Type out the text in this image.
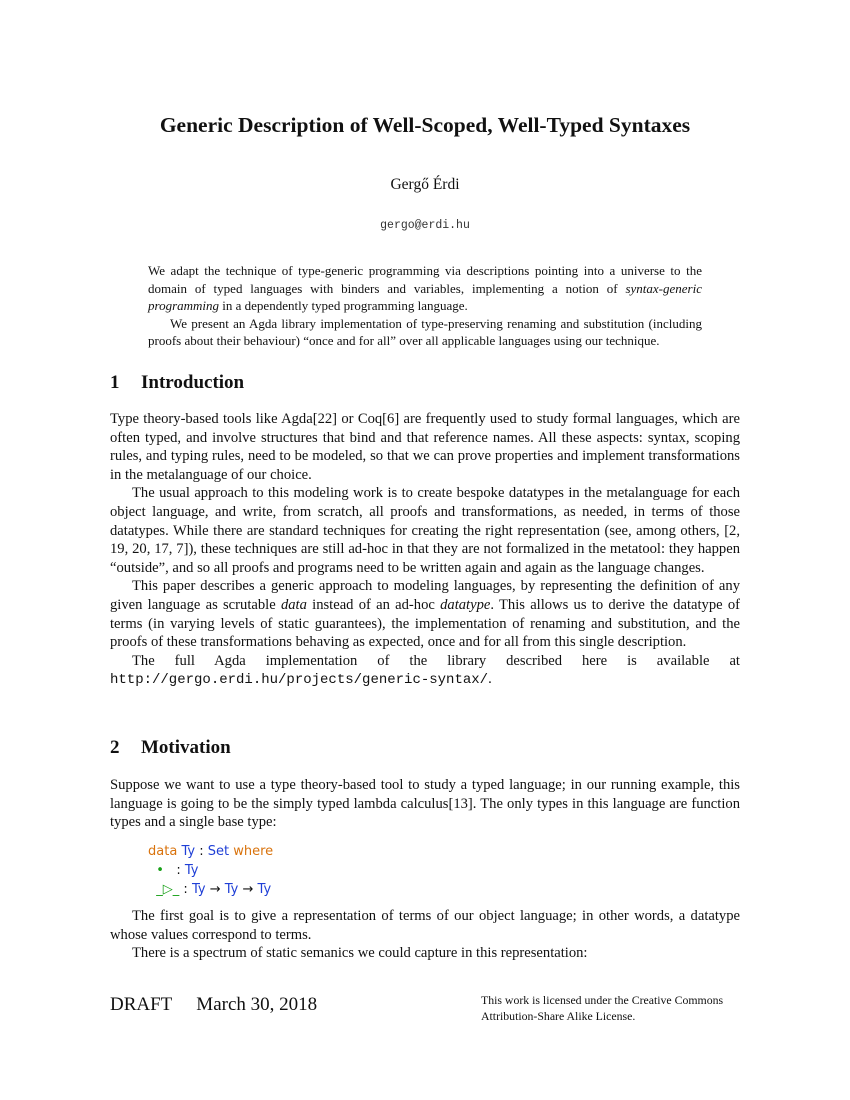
Generic Description of Well-Scoped, Well-Typed Syntaxes
Gergő Érdi
gergo@erdi.hu

We adapt the technique of type-generic programming via descriptions pointing into a universe to the domain of typed languages with binders and variables, implementing a notion of syntax-generic programming in a dependently typed programming language.

We present an Agda library implementation of type-preserving renaming and substitution (including proofs about their behaviour) “once and for all” over all applicable languages using our technique.

1 Introduction

Type theory-based tools like Agda[22] or Coq[6] are frequently used to study formal languages, which are often typed, and involve structures that bind and that reference names. All these aspects: syntax, scoping rules, and typing rules, need to be modeled, so that we can prove properties and implement transformations in the metalanguage of our choice.

The usual approach to this modeling work is to create bespoke datatypes in the metalanguage for each object language, and write, from scratch, all proofs and transformations, as needed, in terms of those datatypes. While there are standard techniques for creating the right representation (see, among others, [2, 19, 20, 17, 7]), these techniques are still ad-hoc in that they are not formalized in the metatool: they happen “outside”, and so all proofs and programs need to be written again and again as the language changes.

This paper describes a generic approach to modeling languages, by representing the definition of any given language as scrutable data instead of an ad-hoc datatype. This allows us to derive the datatype of terms (in varying levels of static guarantees), the implementation of renaming and substitution, and the proofs of these transformations behaving as expected, once and for all from this single description.

The full Agda implementation of the library described here is available at http://gergo.erdi.hu/projects/generic-syntax/.

2 Motivation

Suppose we want to use a type theory-based tool to study a typed language; in our running example, this language is going to be the simply typed lambda calculus[13]. The only types in this language are function types and a single base type:

data Ty : Set where
• : Ty
_▷_ : Ty → Ty → Ty

The first goal is to give a representation of terms of our object language; in other words, a datatype whose values correspond to terms.

There is a spectrum of static semanics we could capture in this representation:

DRAFT March 30, 2018	This work is licensed under the Creative Commons
Attribution-Share Alike License.
